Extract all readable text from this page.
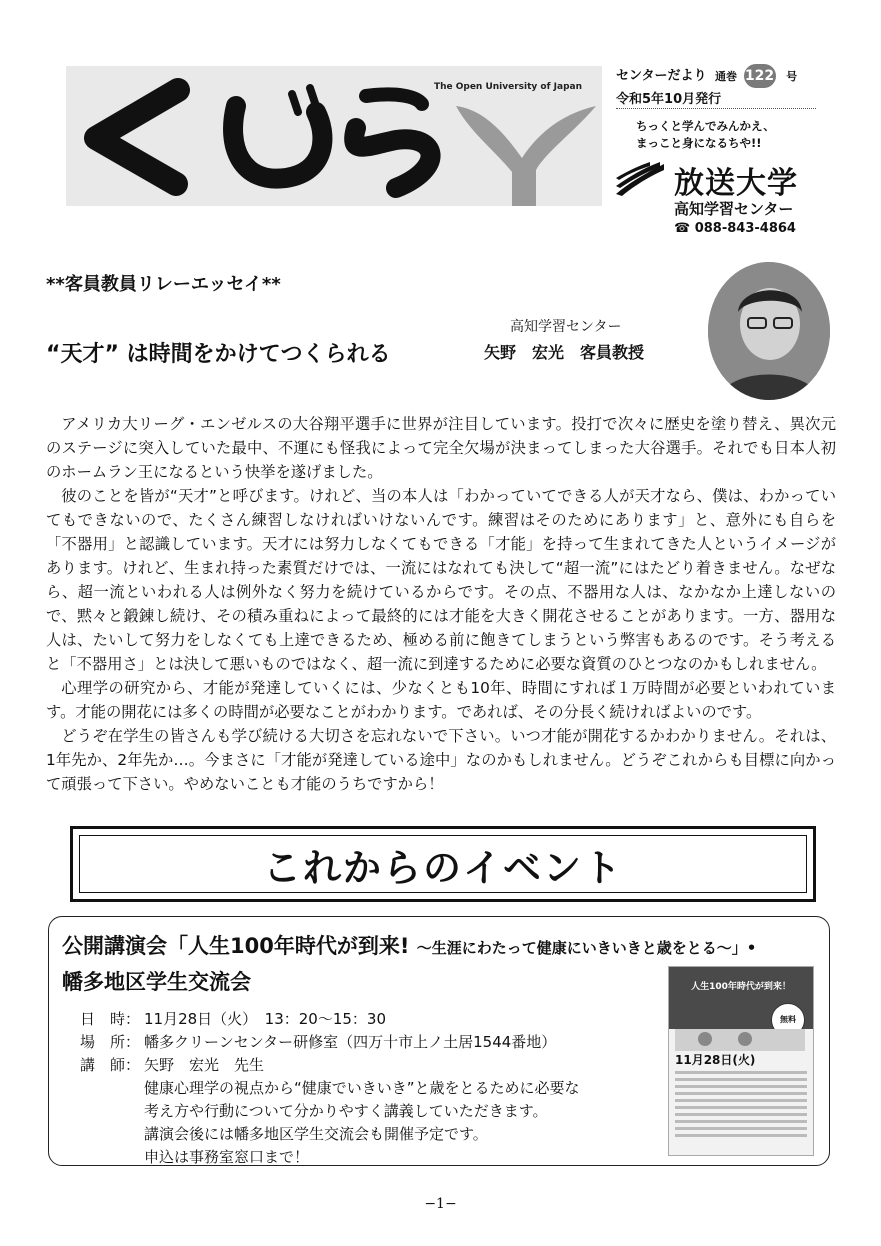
The Open University of Japan
センターだより 通巻 122 号
令和5年10月発行
ちっくと学んでみんかえ、
まっこと身になるちや!!
放送大学
高知学習センター
☎ 088-843-4864
**客員教員リレーエッセイ**
“天才” は時間をかけてつくられる
高知学習センター
矢野　宏光　客員教授

アメリカ大リーグ・エンゼルスの大谷翔平選手に世界が注目しています。投打で次々に歴史を塗り替え、異次元のステージに突入していた最中、不運にも怪我によって完全欠場が決まってしまった大谷選手。それでも日本人初のホームラン王になるという快挙を遂げました。

彼のことを皆が“天才”と呼びます。けれど、当の本人は「わかっていてできる人が天才なら、僕は、わかっていてもできないので、たくさん練習しなければいけないんです。練習はそのためにあります」と、意外にも自らを「不器用」と認識しています。天才には努力しなくてもできる「才能」を持って生まれてきた人というイメージがあります。けれど、生まれ持った素質だけでは、一流にはなれても決して“超一流”にはたどり着きません。なぜなら、超一流といわれる人は例外なく努力を続けているからです。その点、不器用な人は、なかなか上達しないので、黙々と鍛錬し続け、その積み重ねによって最終的には才能を大きく開花させることがあります。一方、器用な人は、たいして努力をしなくても上達できるため、極める前に飽きてしまうという弊害もあるのです。そう考えると「不器用さ」とは決して悪いものではなく、超一流に到達するために必要な資質のひとつなのかもしれません。

心理学の研究から、才能が発達していくには、少なくとも10年、時間にすれば１万時間が必要といわれています。才能の開花には多くの時間が必要なことがわかります。であれば、その分長く続ければよいのです。

どうぞ在学生の皆さんも学び続ける大切さを忘れないで下さい。いつ才能が開花するかわかりません。それは、1年先か、2年先か…。今まさに「才能が発達している途中」なのかもしれません。どうぞこれからも目標に向かって頑張って下さい。やめないことも才能のうちですから！

これからのイベント
公開講演会「人生100年時代が到来! ～生涯にわたって健康にいきいきと歳をとる～」•
幡多地区学生交流会
日　時： 11月28日（火）　13：20～15：30
場　所： 幡多クリーンセンター研修室（四万十市上ノ土居1544番地）
講　師： 矢野　宏光　先生
健康心理学の視点から“健康でいきいき”と歳をとるために必要な
考え方や行動について分かりやすく講義していただきます。
講演会後には幡多地区学生交流会も開催予定です。
申込は事務室窓口まで！
人生100年時代が到来！
無料
11月28日(火)
−1−
